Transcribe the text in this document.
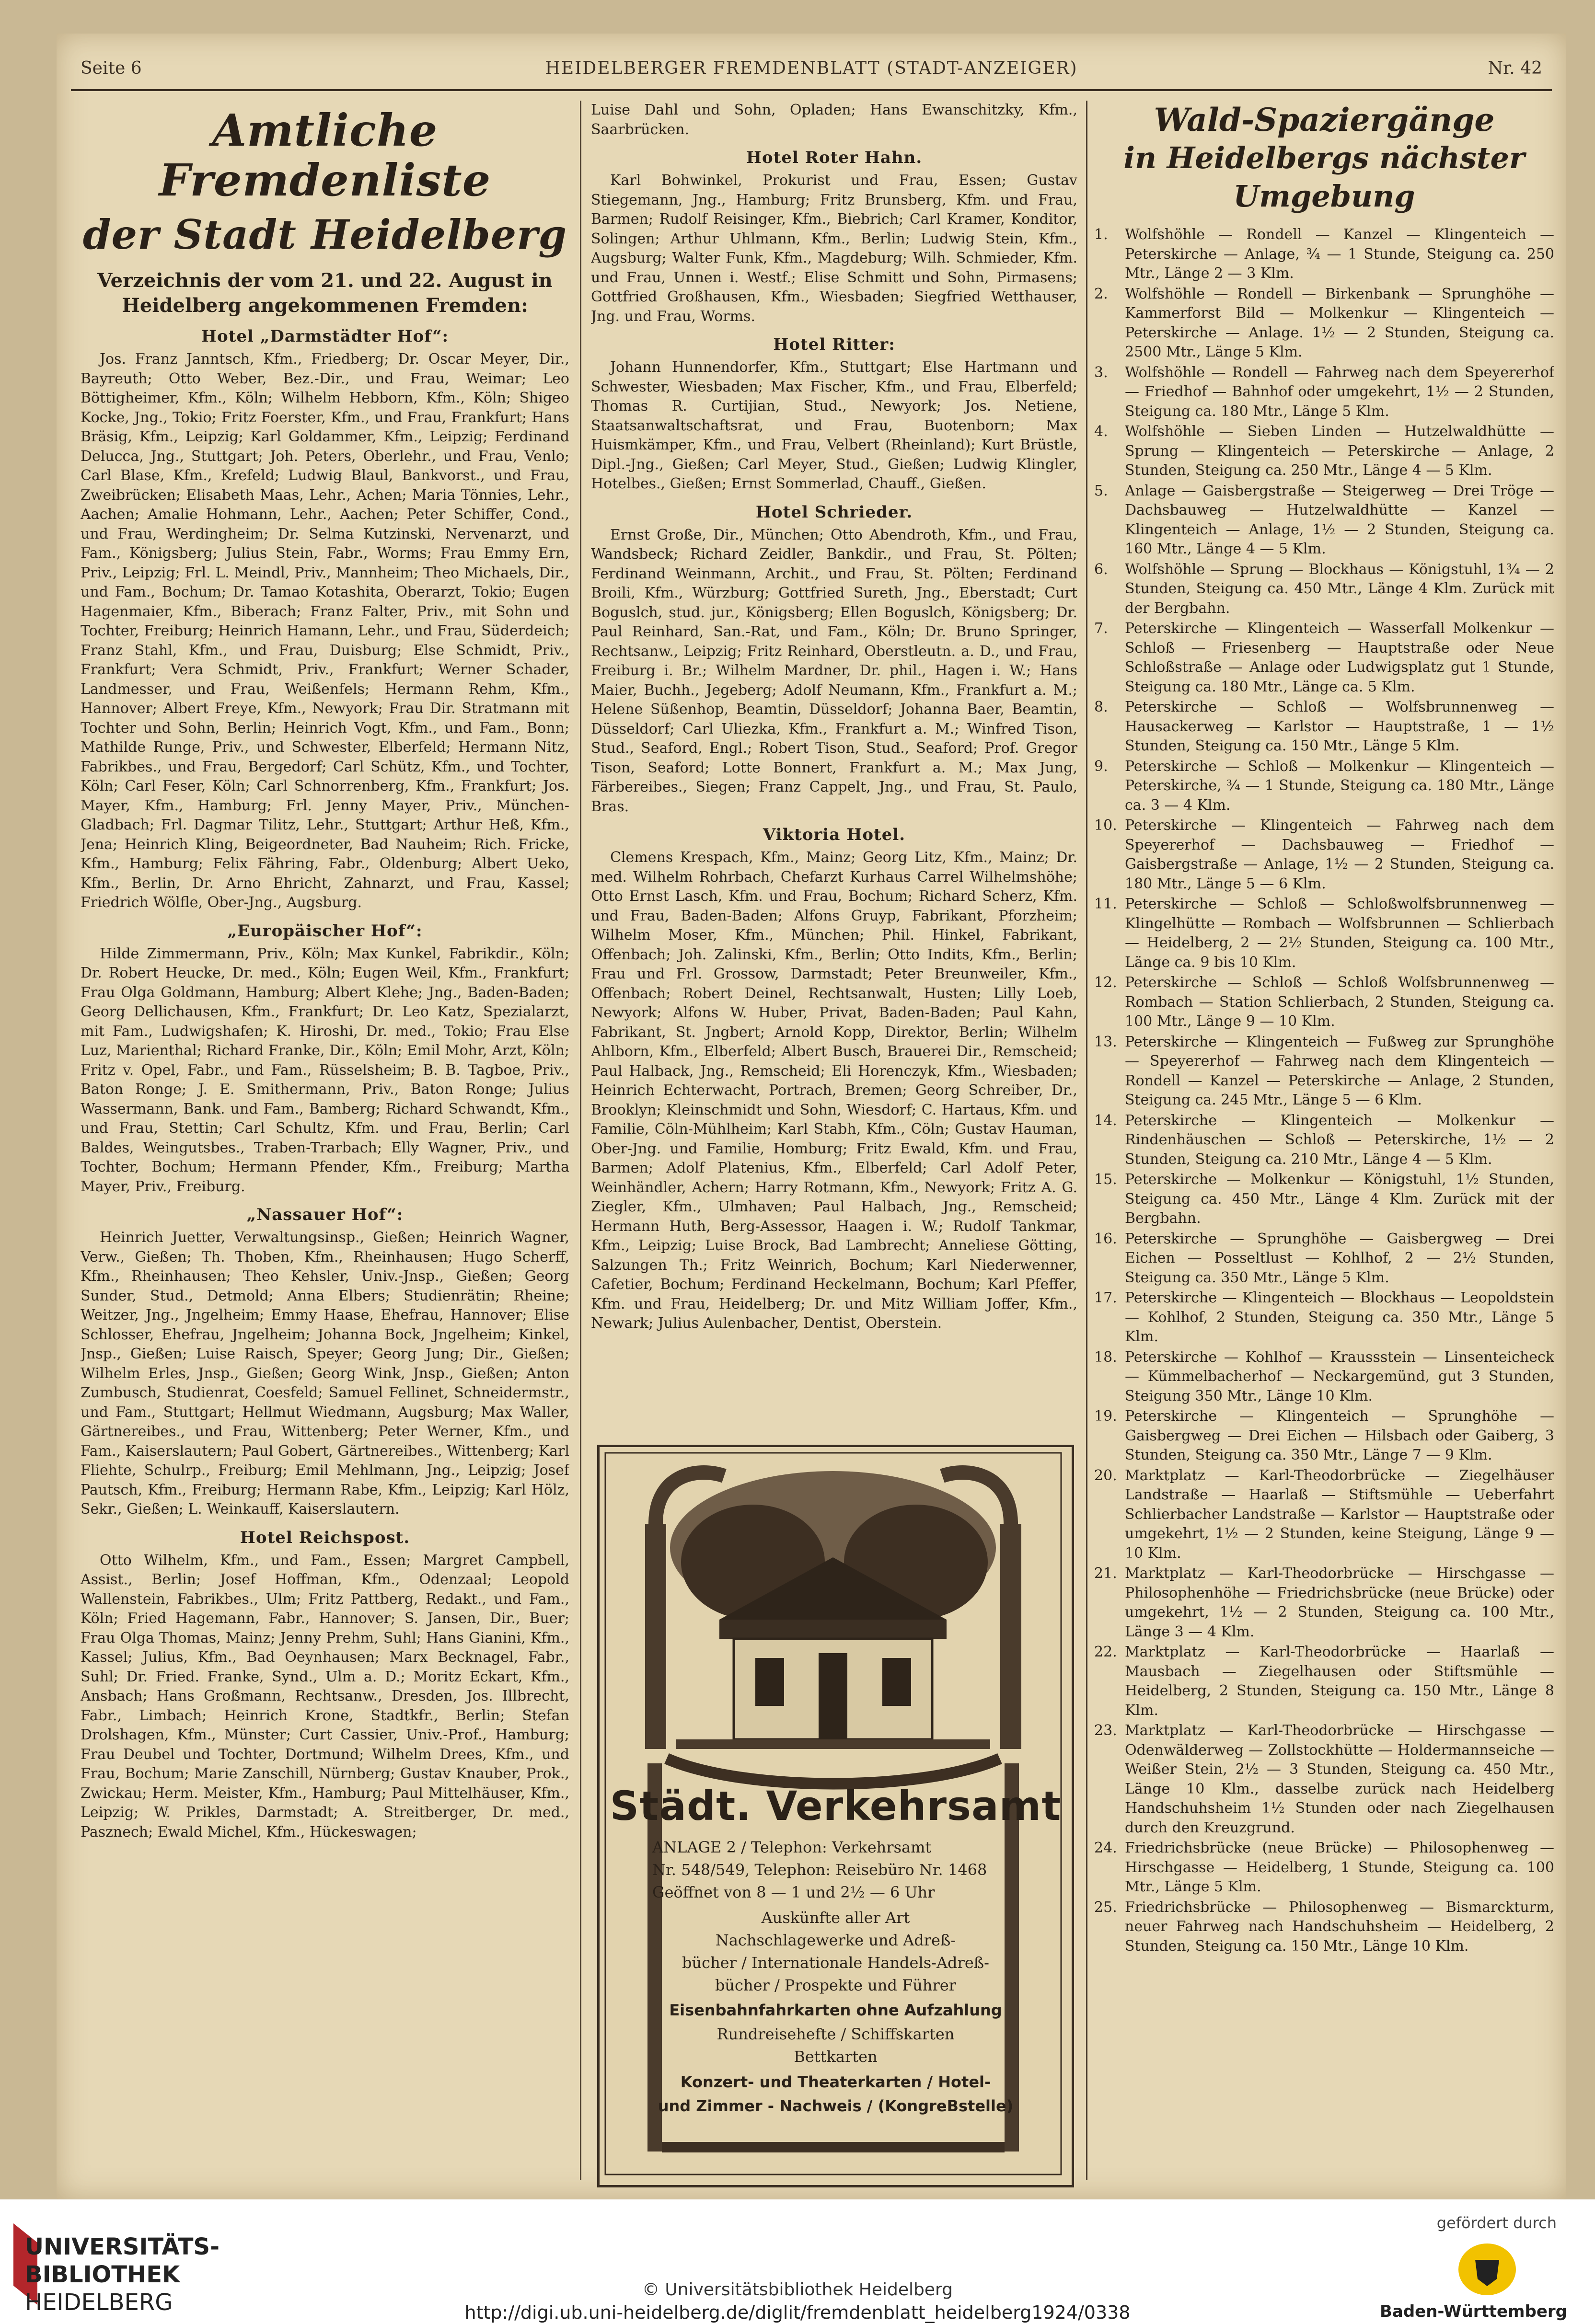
Seite 6	HEIDELBERGER FREMDENBLATT (STADT-ANZEIGER)	Nr. 42
Amtliche Fremdenliste
der Stadt Heidelberg
Verzeichnis der vom 21. und 22. August in Heidelberg angekommenen Fremden:
Hotel „Darmstädter Hof“:

Jos. Franz Janntsch, Kfm., Friedberg; Dr. Oscar Meyer, Dir., Bayreuth; Otto Weber, Bez.-Dir., und Frau, Weimar; Leo Böttigheimer, Kfm., Köln; Wilhelm Hebborn, Kfm., Köln; Shigeo Kocke, Jng., Tokio; Fritz Foerster, Kfm., und Frau, Frankfurt; Hans Bräsig, Kfm., Leipzig; Karl Goldammer, Kfm., Leipzig; Ferdinand Delucca, Jng., Stuttgart; Joh. Peters, Oberlehr., und Frau, Venlo; Carl Blase, Kfm., Krefeld; Ludwig Blaul, Bankvorst., und Frau, Zweibrücken; Elisabeth Maas, Lehr., Achen; Maria Tönnies, Lehr., Aachen; Amalie Hohmann, Lehr., Aachen; Peter Schiffer, Cond., und Frau, Werdingheim; Dr. Selma Kutzinski, Nervenarzt, und Fam., Königsberg; Julius Stein, Fabr., Worms; Frau Emmy Ern, Priv., Leipzig; Frl. L. Meindl, Priv., Mannheim; Theo Michaels, Dir., und Fam., Bochum; Dr. Tamao Kotashita, Oberarzt, Tokio; Eugen Hagenmaier, Kfm., Biberach; Franz Falter, Priv., mit Sohn und Tochter, Freiburg; Heinrich Hamann, Lehr., und Frau, Süderdeich; Franz Stahl, Kfm., und Frau, Duisburg; Else Schmidt, Priv., Frankfurt; Vera Schmidt, Priv., Frankfurt; Werner Schader, Landmesser, und Frau, Weißenfels; Hermann Rehm, Kfm., Hannover; Albert Freye, Kfm., Newyork; Frau Dir. Stratmann mit Tochter und Sohn, Berlin; Heinrich Vogt, Kfm., und Fam., Bonn; Mathilde Runge, Priv., und Schwester, Elberfeld; Hermann Nitz, Fabrikbes., und Frau, Bergedorf; Carl Schütz, Kfm., und Tochter, Köln; Carl Feser, Köln; Carl Schnorrenberg, Kfm., Frankfurt; Jos. Mayer, Kfm., Hamburg; Frl. Jenny Mayer, Priv., München-Gladbach; Frl. Dagmar Tilitz, Lehr., Stuttgart; Arthur Heß, Kfm., Jena; Heinrich Kling, Beigeordneter, Bad Nauheim; Rich. Fricke, Kfm., Hamburg; Felix Fähring, Fabr., Oldenburg; Albert Ueko, Kfm., Berlin, Dr. Arno Ehricht, Zahnarzt, und Frau, Kassel; Friedrich Wölfle, Ober-Jng., Augsburg.

„Europäischer Hof“:

Hilde Zimmermann, Priv., Köln; Max Kunkel, Fabrikdir., Köln; Dr. Robert Heucke, Dr. med., Köln; Eugen Weil, Kfm., Frankfurt; Frau Olga Goldmann, Hamburg; Albert Klehe; Jng., Baden-Baden; Georg Dellichausen, Kfm., Frankfurt; Dr. Leo Katz, Spezialarzt, mit Fam., Ludwigshafen; K. Hiroshi, Dr. med., Tokio; Frau Else Luz, Marienthal; Richard Franke, Dir., Köln; Emil Mohr, Arzt, Köln; Fritz v. Opel, Fabr., und Fam., Rüsselsheim; B. B. Tagboe, Priv., Baton Ronge; J. E. Smithermann, Priv., Baton Ronge; Julius Wassermann, Bank. und Fam., Bamberg; Richard Schwandt, Kfm., und Frau, Stettin; Carl Schultz, Kfm. und Frau, Berlin; Carl Baldes, Weingutsbes., Traben-Trarbach; Elly Wagner, Priv., und Tochter, Bochum; Hermann Pfender, Kfm., Freiburg; Martha Mayer, Priv., Freiburg.

„Nassauer Hof“:

Heinrich Juetter, Verwaltungsinsp., Gießen; Heinrich Wagner, Verw., Gießen; Th. Thoben, Kfm., Rheinhausen; Hugo Scherff, Kfm., Rheinhausen; Theo Kehsler, Univ.-Jnsp., Gießen; Georg Sunder, Stud., Detmold; Anna Elbers; Studienrätin; Rheine; Weitzer, Jng., Jngelheim; Emmy Haase, Ehefrau, Hannover; Elise Schlosser, Ehefrau, Jngelheim; Johanna Bock, Jngelheim; Kinkel, Jnsp., Gießen; Luise Raisch, Speyer; Georg Jung; Dir., Gießen; Wilhelm Erles, Jnsp., Gießen; Georg Wink, Jnsp., Gießen; Anton Zumbusch, Studienrat, Coesfeld; Samuel Fellinet, Schneidermstr., und Fam., Stuttgart; Hellmut Wiedmann, Augsburg; Max Waller, Gärtnereibes., und Frau, Wittenberg; Peter Werner, Kfm., und Fam., Kaiserslautern; Paul Gobert, Gärtnereibes., Wittenberg; Karl Fliehte, Schulrp., Freiburg; Emil Mehlmann, Jng., Leipzig; Josef Pautsch, Kfm., Freiburg; Hermann Rabe, Kfm., Leipzig; Karl Hölz, Sekr., Gießen; L. Weinkauff, Kaiserslautern.

Hotel Reichspost.

Otto Wilhelm, Kfm., und Fam., Essen; Margret Campbell, Assist., Berlin; Josef Hoffman, Kfm., Odenzaal; Leopold Wallenstein, Fabrikbes., Ulm; Fritz Pattberg, Redakt., und Fam., Köln; Fried Hagemann, Fabr., Hannover; S. Jansen, Dir., Buer; Frau Olga Thomas, Mainz; Jenny Prehm, Suhl; Hans Gianini, Kfm., Kassel; Julius, Kfm., Bad Oeynhausen; Marx Becknagel, Fabr., Suhl; Dr. Fried. Franke, Synd., Ulm a. D.; Moritz Eckart, Kfm., Ansbach; Hans Großmann, Rechtsanw., Dresden, Jos. Illbrecht, Fabr., Limbach; Heinrich Krone, Stadtkfr., Berlin; Stefan Drolshagen, Kfm., Münster; Curt Cassier, Univ.-Prof., Hamburg; Frau Deubel und Tochter, Dortmund; Wilhelm Drees, Kfm., und Frau, Bochum; Marie Zanschill, Nürnberg; Gustav Knauber, Prok., Zwickau; Herm. Meister, Kfm., Hamburg; Paul Mittelhäuser, Kfm., Leipzig; W. Prikles, Darmstadt; A. Streitberger, Dr. med., Pasznech; Ewald Michel, Kfm., Hückeswagen;

Luise Dahl und Sohn, Opladen; Hans Ewanschitzky, Kfm., Saarbrücken.

Hotel Roter Hahn.

Karl Bohwinkel, Prokurist und Frau, Essen; Gustav Stiegemann, Jng., Hamburg; Fritz Brunsberg, Kfm. und Frau, Barmen; Rudolf Reisinger, Kfm., Biebrich; Carl Kramer, Konditor, Solingen; Arthur Uhlmann, Kfm., Berlin; Ludwig Stein, Kfm., Augsburg; Walter Funk, Kfm., Magdeburg; Wilh. Schmieder, Kfm. und Frau, Unnen i. Westf.; Elise Schmitt und Sohn, Pirmasens; Gottfried Großhausen, Kfm., Wiesbaden; Siegfried Wetthauser, Jng. und Frau, Worms.

Hotel Ritter:

Johann Hunnendorfer, Kfm., Stuttgart; Else Hartmann und Schwester, Wiesbaden; Max Fischer, Kfm., und Frau, Elberfeld; Thomas R. Curtijian, Stud., Newyork; Jos. Netiene, Staatsanwaltschaftsrat, und Frau, Buotenborn; Max Huismkämper, Kfm., und Frau, Velbert (Rheinland); Kurt Brüstle, Dipl.-Jng., Gießen; Carl Meyer, Stud., Gießen; Ludwig Klingler, Hotelbes., Gießen; Ernst Sommerlad, Chauff., Gießen.

Hotel Schrieder.

Ernst Große, Dir., München; Otto Abendroth, Kfm., und Frau, Wandsbeck; Richard Zeidler, Bankdir., und Frau, St. Pölten; Ferdinand Weinmann, Archit., und Frau, St. Pölten; Ferdinand Broili, Kfm., Würzburg; Gottfried Sureth, Jng., Eberstadt; Curt Boguslch, stud. jur., Königsberg; Ellen Boguslch, Königsberg; Dr. Paul Reinhard, San.-Rat, und Fam., Köln; Dr. Bruno Springer, Rechtsanw., Leipzig; Fritz Reinhard, Oberstleutn. a. D., und Frau, Freiburg i. Br.; Wilhelm Mardner, Dr. phil., Hagen i. W.; Hans Maier, Buchh., Jegeberg; Adolf Neumann, Kfm., Frankfurt a. M.; Helene Süßenhop, Beamtin, Düsseldorf; Johanna Baer, Beamtin, Düsseldorf; Carl Uliezka, Kfm., Frankfurt a. M.; Winfred Tison, Stud., Seaford, Engl.; Robert Tison, Stud., Seaford; Prof. Gregor Tison, Seaford; Lotte Bonnert, Frankfurt a. M.; Max Jung, Färbereibes., Siegen; Franz Cappelt, Jng., und Frau, St. Paulo, Bras.

Viktoria Hotel.

Clemens Krespach, Kfm., Mainz; Georg Litz, Kfm., Mainz; Dr. med. Wilhelm Rohrbach, Chefarzt Kurhaus Carrel Wilhelmshöhe; Otto Ernst Lasch, Kfm. und Frau, Bochum; Richard Scherz, Kfm. und Frau, Baden-Baden; Alfons Gruyp, Fabrikant, Pforzheim; Wilhelm Moser, Kfm., München; Phil. Hinkel, Fabrikant, Offenbach; Joh. Zalinski, Kfm., Berlin; Otto Indits, Kfm., Berlin; Frau und Frl. Grossow, Darmstadt; Peter Breunweiler, Kfm., Offenbach; Robert Deinel, Rechtsanwalt, Husten; Lilly Loeb, Newyork; Alfons W. Huber, Privat, Baden-Baden; Paul Kahn, Fabrikant, St. Jngbert; Arnold Kopp, Direktor, Berlin; Wilhelm Ahlborn, Kfm., Elberfeld; Albert Busch, Brauerei Dir., Remscheid; Paul Halback, Jng., Remscheid; Eli Horenczyk, Kfm., Wiesbaden; Heinrich Echterwacht, Portrach, Bremen; Georg Schreiber, Dr., Brooklyn; Kleinschmidt und Sohn, Wiesdorf; C. Hartaus, Kfm. und Familie, Cöln-Mühlheim; Karl Stabh, Kfm., Cöln; Gustav Hauman, Ober-Jng. und Familie, Homburg; Fritz Ewald, Kfm. und Frau, Barmen; Adolf Platenius, Kfm., Elberfeld; Carl Adolf Peter, Weinhändler, Achern; Harry Rotmann, Kfm., Newyork; Fritz A. G. Ziegler, Kfm., Ulmhaven; Paul Halbach, Jng., Remscheid; Hermann Huth, Berg-Assessor, Haagen i. W.; Rudolf Tankmar, Kfm., Leipzig; Luise Brock, Bad Lambrecht; Anneliese Götting, Salzungen Th.; Fritz Weinrich, Bochum; Karl Niederwenner, Cafetier, Bochum; Ferdinand Heckelmann, Bochum; Karl Pfeffer, Kfm. und Frau, Heidelberg; Dr. und Mitz William Joffer, Kfm., Newark; Julius Aulenbacher, Dentist, Oberstein.

Städt. Verkehrsamt
ANLAGE 2 / Telephon: Verkehrsamt
Nr. 548/549, Telephon: Reisebüro Nr. 1468
Geöffnet von 8 — 1 und 2½ — 6 Uhr
Auskünfte aller Art
Nachschlagewerke und Adreß-
bücher / Internationale Handels-Adreß-
bücher / Prospekte und Führer
Eisenbahnfahrkarten ohne Aufzahlung
Rundreisehefte / Schiffskarten
Bettkarten
Konzert- und Theaterkarten / Hotel-
und Zimmer - Nachweis / (KongreBstelle)
Wald-Spaziergänge
in Heidelbergs nächster Umgebung
1.	Wolfshöhle — Rondell — Kanzel — Klingenteich — Peterskirche — Anlage, ¾ — 1 Stunde, Steigung ca. 250 Mtr., Länge 2 — 3 Klm.
2.	Wolfshöhle — Rondell — Birkenbank — Sprunghöhe — Kammerforst Bild — Molkenkur — Klingenteich — Peterskirche — Anlage. 1½ — 2 Stunden, Steigung ca. 2500 Mtr., Länge 5 Klm.
3.	Wolfshöhle — Rondell — Fahrweg nach dem Speyererhof — Friedhof — Bahnhof oder umgekehrt, 1½ — 2 Stunden, Steigung ca. 180 Mtr., Länge 5 Klm.
4.	Wolfshöhle — Sieben Linden — Hutzelwaldhütte — Sprung — Klingenteich — Peterskirche — Anlage, 2 Stunden, Steigung ca. 250 Mtr., Länge 4 — 5 Klm.
5.	Anlage — Gaisbergstraße — Steigerweg — Drei Tröge — Dachsbauweg — Hutzelwaldhütte — Kanzel — Klingenteich — Anlage, 1½ — 2 Stunden, Steigung ca. 160 Mtr., Länge 4 — 5 Klm.
6.	Wolfshöhle — Sprung — Blockhaus — Königstuhl, 1¾ — 2 Stunden, Steigung ca. 450 Mtr., Länge 4 Klm. Zurück mit der Bergbahn.
7.	Peterskirche — Klingenteich — Wasserfall Molkenkur — Schloß — Friesenberg — Hauptstraße oder Neue Schloßstraße — Anlage oder Ludwigsplatz gut 1 Stunde, Steigung ca. 180 Mtr., Länge ca. 5 Klm.
8.	Peterskirche — Schloß — Wolfsbrunnenweg — Hausackerweg — Karlstor — Hauptstraße, 1 — 1½ Stunden, Steigung ca. 150 Mtr., Länge 5 Klm.
9.	Peterskirche — Schloß — Molkenkur — Klingenteich — Peterskirche, ¾ — 1 Stunde, Steigung ca. 180 Mtr., Länge ca. 3 — 4 Klm.
10. Peterskirche — Klingenteich — Fahrweg nach dem Speyererhof — Dachsbauweg — Friedhof — Gaisbergstraße — Anlage, 1½ — 2 Stunden, Steigung ca. 180 Mtr., Länge 5 — 6 Klm.
11. Peterskirche — Schloß — Schloßwolfsbrunnenweg — Klingelhütte — Rombach — Wolfsbrunnen — Schlierbach — Heidelberg, 2 — 2½ Stunden, Steigung ca. 100 Mtr., Länge ca. 9 bis 10 Klm.
12. Peterskirche — Schloß — Schloß Wolfsbrunnenweg — Rombach — Station Schlierbach, 2 Stunden, Steigung ca. 100 Mtr., Länge 9 — 10 Klm.
13. Peterskirche — Klingenteich — Fußweg zur Sprunghöhe — Speyererhof — Fahrweg nach dem Klingenteich — Rondell — Kanzel — Peterskirche — Anlage, 2 Stunden, Steigung ca. 245 Mtr., Länge 5 — 6 Klm.
14. Peterskirche — Klingenteich — Molkenkur — Rindenhäuschen — Schloß — Peterskirche, 1½ — 2 Stunden, Steigung ca. 210 Mtr., Länge 4 — 5 Klm.
15. Peterskirche — Molkenkur — Königstuhl, 1½ Stunden, Steigung ca. 450 Mtr., Länge 4 Klm. Zurück mit der Bergbahn.
16. Peterskirche — Sprunghöhe — Gaisbergweg — Drei Eichen — Posseltlust — Kohlhof, 2 — 2½ Stunden, Steigung ca. 350 Mtr., Länge 5 Klm.
17. Peterskirche — Klingenteich — Blockhaus — Leopoldstein — Kohlhof, 2 Stunden, Steigung ca. 350 Mtr., Länge 5 Klm.
18. Peterskirche — Kohlhof — Kraussstein — Linsenteicheck — Kümmelbacherhof — Neckargemünd, gut 3 Stunden, Steigung 350 Mtr., Länge 10 Klm.
19. Peterskirche — Klingenteich — Sprunghöhe — Gaisbergweg — Drei Eichen — Hilsbach oder Gaiberg, 3 Stunden, Steigung ca. 350 Mtr., Länge 7 — 9 Klm.
20. Marktplatz — Karl-Theodorbrücke — Ziegelhäuser Landstraße — Haarlaß — Stiftsmühle — Ueberfahrt Schlierbacher Landstraße — Karlstor — Hauptstraße oder umgekehrt, 1½ — 2 Stunden, keine Steigung, Länge 9 — 10 Klm.
21. Marktplatz — Karl-Theodorbrücke — Hirschgasse — Philosophenhöhe — Friedrichsbrücke (neue Brücke) oder umgekehrt, 1½ — 2 Stunden, Steigung ca. 100 Mtr., Länge 3 — 4 Klm.
22. Marktplatz — Karl-Theodorbrücke — Haarlaß — Mausbach — Ziegelhausen oder Stiftsmühle — Heidelberg, 2 Stunden, Steigung ca. 150 Mtr., Länge 8 Klm.
23. Marktplatz — Karl-Theodorbrücke — Hirschgasse — Odenwälderweg — Zollstockhütte — Holdermannseiche — Weißer Stein, 2½ — 3 Stunden, Steigung ca. 450 Mtr., Länge 10 Klm., dasselbe zurück nach Heidelberg Handschuhsheim 1½ Stunden oder nach Ziegelhausen durch den Kreuzgrund.
24. Friedrichsbrücke (neue Brücke) — Philosophenweg — Hirschgasse — Heidelberg, 1 Stunde, Steigung ca. 100 Mtr., Länge 5 Klm.
25. Friedrichsbrücke — Philosophenweg — Bismarckturm, neuer Fahrweg nach Handschuhsheim — Heidelberg, 2 Stunden, Steigung ca. 150 Mtr., Länge 10 Klm.
UNIVERSITÄTS-
BIBLIOTHEK
HEIDELBERG	© Universitätsbibliothek Heidelberg
http://digi.ub.uni-heidelberg.de/diglit/fremdenblatt_heidelberg1924/0338
gefördert durch
Baden-Württemberg
